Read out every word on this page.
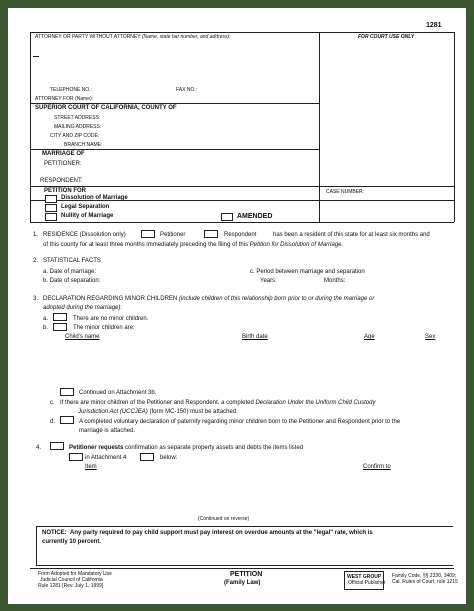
1281
ATTORNEY OR PARTY WITHOUT ATTORNEY (Name, state bar number, and address):	FOR COURT USE ONLY
TELEPHONE NO.:	FAX NO.:
ATTORNEY FOR (Name):
SUPERIOR COURT OF CALIFORNIA, COUNTY OF
STREET ADDRESS:
MAILING ADDRESS:
CITY AND ZIP CODE:
BRANCH NAME:
MARRIAGE OF
PETITIONER:
RESPONDENT:
PETITION FOR	CASE NUMBER:
Dissolution of Marriage
Legal Separation
Nullity of Marriage	AMENDED
1. RESIDENCE (Dissolution only)	Petitioner	Respondent	has been a resident of this state for at least six months and
of this county for at least three months immediately preceding the filing of this Petition for Dissolution of Marriage.
2. STATISTICAL FACTS
a. Date of marriage:
b. Date of separation:
c. Period between marriage and separation
Years:	Months:
3. DECLARATION REGARDING MINOR CHILDREN (include children of this relationship born prior to or during the marriage or
adopted during the marriage):
a.	There are no minor children.
b.	The minor children are:
Child's name	Birth date	Age	Sex
Continued on Attachment 3b.
c. If there are minor children of the Petitioner and Respondent, a completed Declaration Under the Uniform Child Custody
Jurisdiction Act (UCCJEA) (form MC-150) must be attached.
d.	A completed voluntary declaration of paternity regarding minor children born to the Petitioner and Respondent prior to the
marriage is attached.
4.	Petitioner requests confirmation as separate property assets and debts the items listed
in Attachment 4	below:
Item	Confirm to
(Continued on reverse)
NOTICE: Any party required to pay child support must pay interest on overdue amounts at the "legal" rate, which is
currently 10 percent.
Form Adopted for Mandatory Use
Judicial Council of California
Rule 1281 [Rev. July 1, 1999]
PETITION
(Family Law)
WEST GROUP
Official Publisher
Family Code, §§ 2330, 3409;
Cal. Rules of Court, rule 1215
